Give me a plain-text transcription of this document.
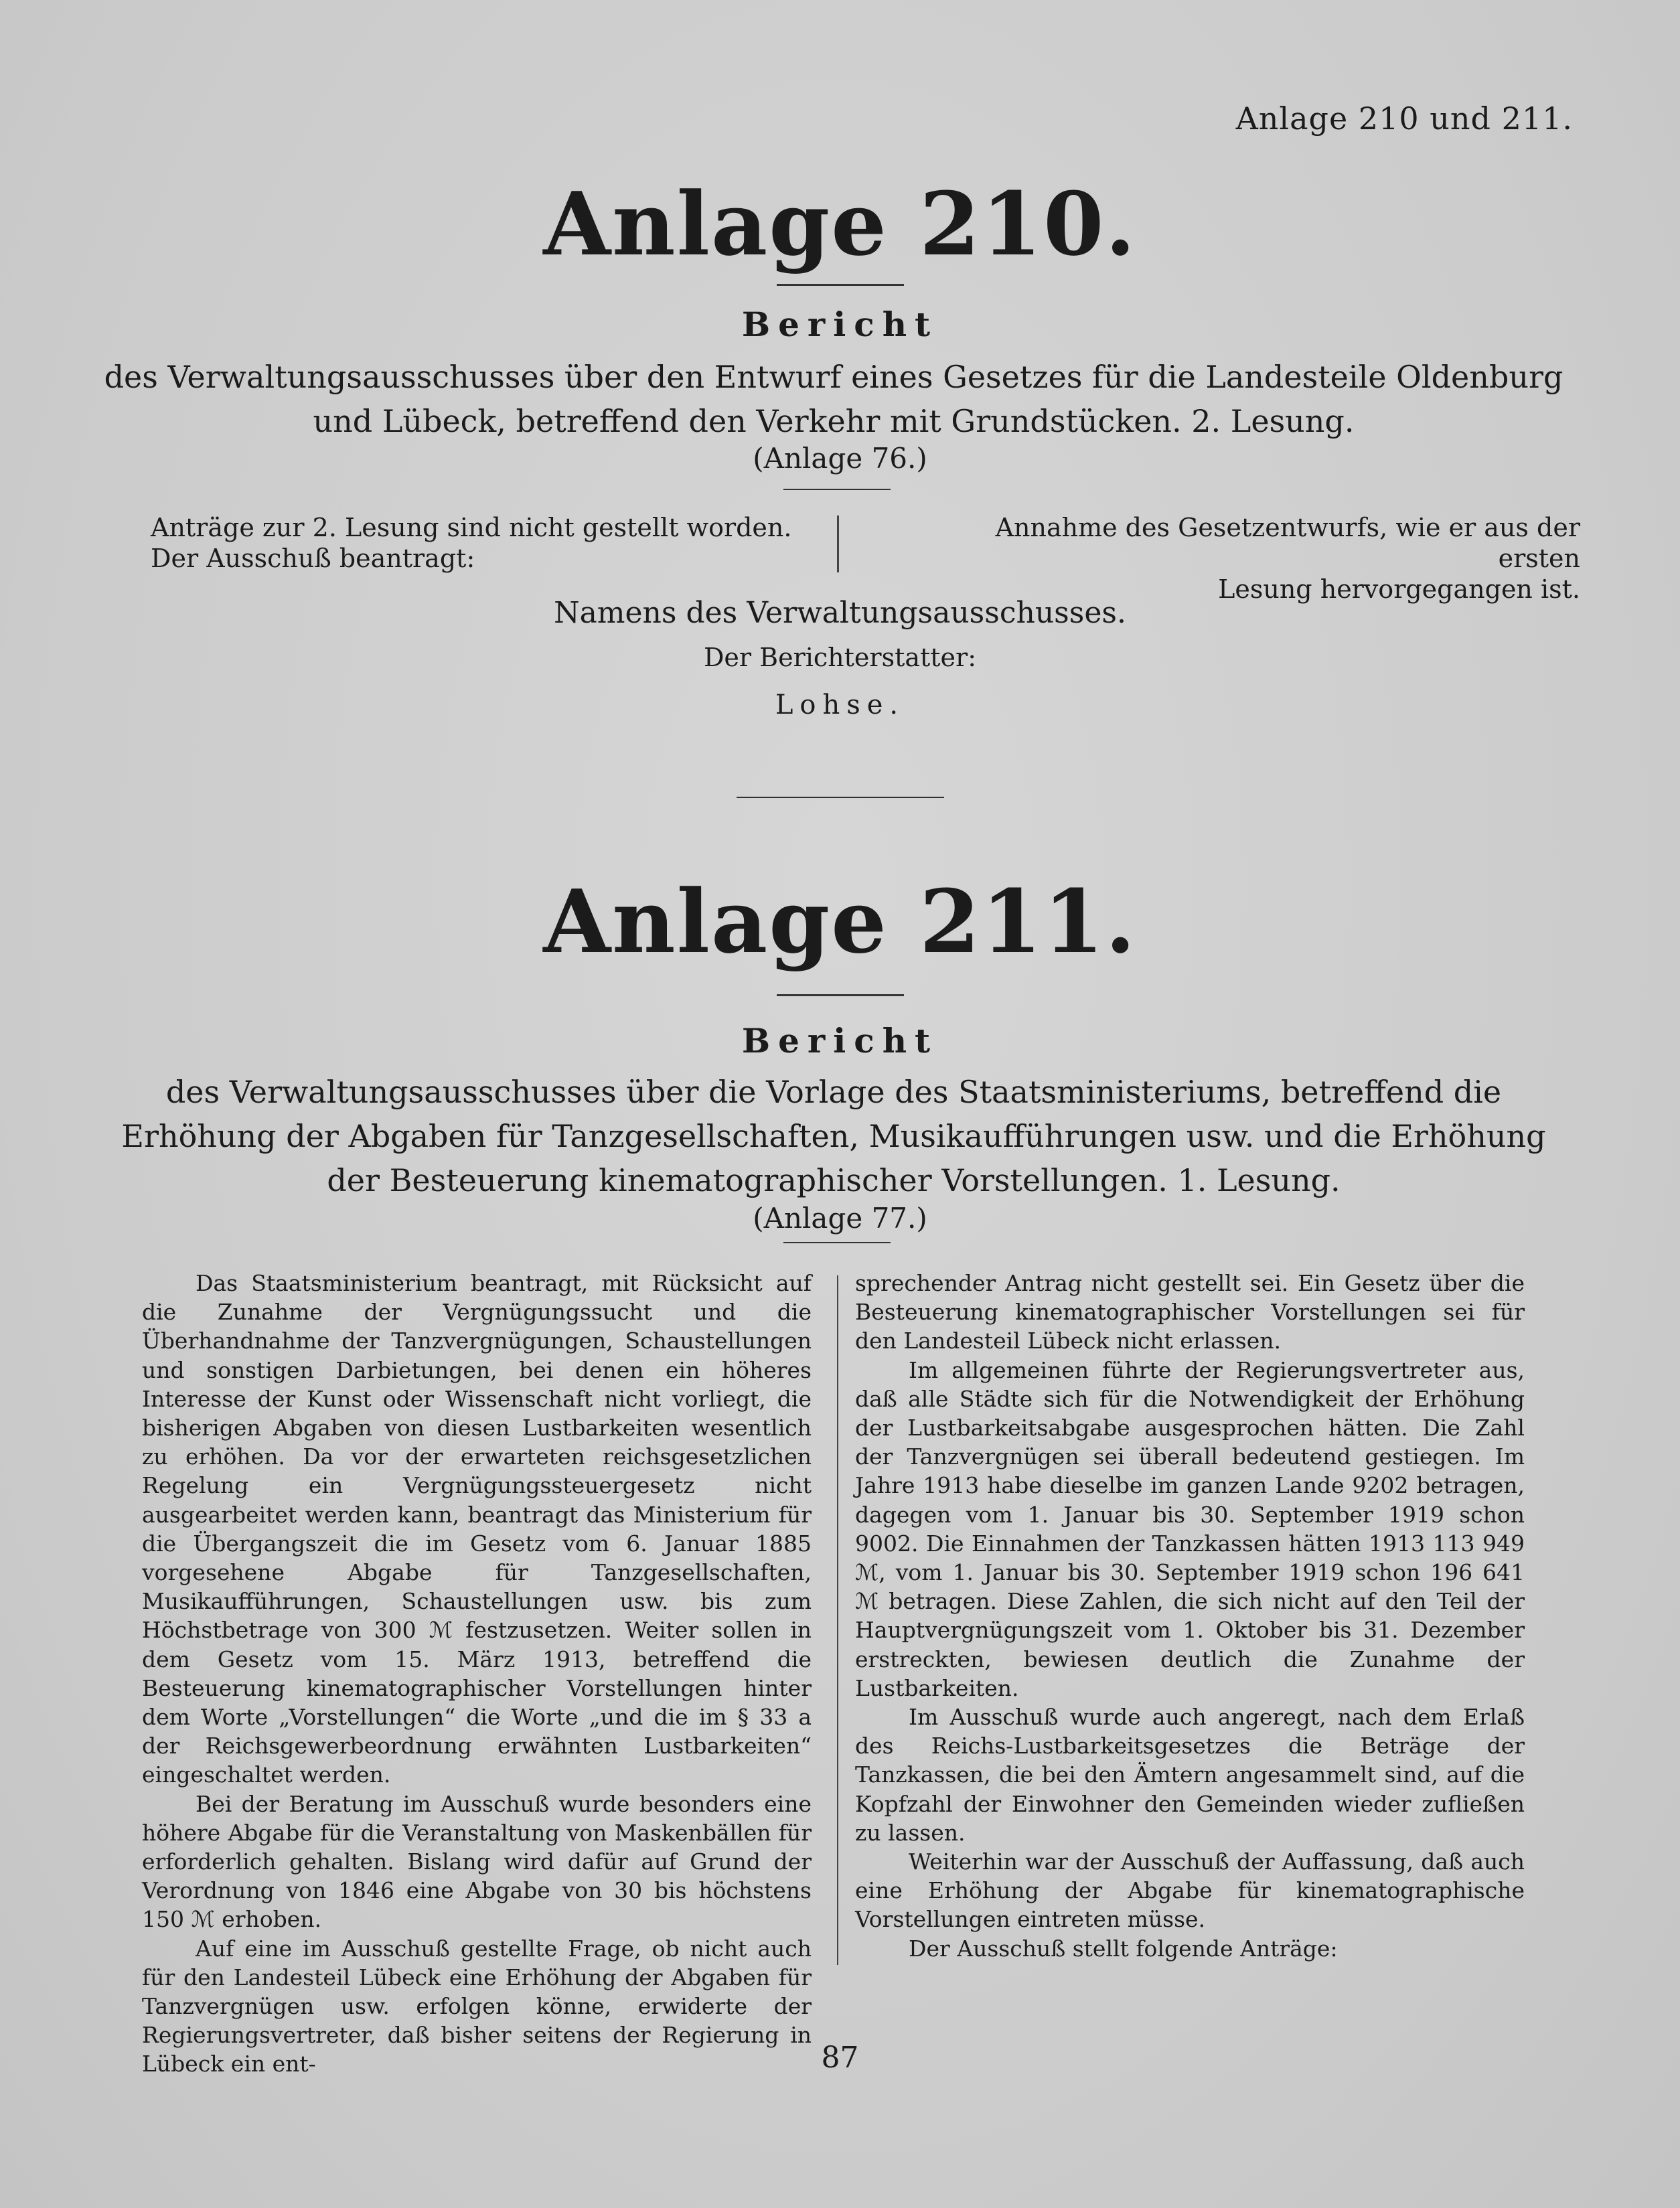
Anlage 210 und 211.
Anlage 210.
Bericht
des Verwaltungsausschusses über den Entwurf eines Gesetzes für die Landesteile Oldenburg und Lübeck, betreffend den Verkehr mit Grundstücken. 2. Lesung.
(Anlage 76.)
Anträge zur 2. Lesung sind nicht gestellt worden.
Der Ausschuß beantragt:
Annahme des Gesetzentwurfs, wie er aus der ersten
Lesung hervorgegangen ist.
Namens des Verwaltungsausschusses.
Der Berichterstatter:
Lohse.
Anlage 211.
Bericht
des Verwaltungsausschusses über die Vorlage des Staatsministeriums, betreffend die Erhöhung der Abgaben für Tanzgesellschaften, Musikaufführungen usw. und die Erhöhung der Besteuerung kinematographischer Vorstellungen. 1. Lesung.
(Anlage 77.)

Das Staatsministerium beantragt, mit Rücksicht auf die Zunahme der Vergnügungssucht und die Überhandnahme der Tanzvergnügungen, Schaustellungen und sonstigen Darbietungen, bei denen ein höheres Interesse der Kunst oder Wissenschaft nicht vorliegt, die bisherigen Abgaben von diesen Lustbarkeiten wesentlich zu erhöhen. Da vor der erwarteten reichsgesetzlichen Regelung ein Vergnügungssteuergesetz nicht ausgearbeitet werden kann, beantragt das Ministerium für die Übergangszeit die im Gesetz vom 6. Januar 1885 vorgesehene Abgabe für Tanzgesellschaften, Musikaufführungen, Schaustellungen usw. bis zum Höchstbetrage von 300 ℳ festzusetzen. Weiter sollen in dem Gesetz vom 15. März 1913, betreffend die Besteuerung kinematographischer Vorstellungen hinter dem Worte „Vorstellungen“ die Worte „und die im § 33 a der Reichsgewerbeordnung erwähnten Lustbarkeiten“ eingeschaltet werden.

Bei der Beratung im Ausschuß wurde besonders eine höhere Abgabe für die Veranstaltung von Maskenbällen für erforderlich gehalten. Bislang wird dafür auf Grund der Verordnung von 1846 eine Abgabe von 30 bis höchstens 150 ℳ erhoben.

Auf eine im Ausschuß gestellte Frage, ob nicht auch für den Landesteil Lübeck eine Erhöhung der Abgaben für Tanzvergnügen usw. erfolgen könne, erwiderte der Regierungsvertreter, daß bisher seitens der Regierung in Lübeck ein ent-

sprechender Antrag nicht gestellt sei. Ein Gesetz über die Besteuerung kinematographischer Vorstellungen sei für den Landesteil Lübeck nicht erlassen.

Im allgemeinen führte der Regierungsvertreter aus, daß alle Städte sich für die Notwendigkeit der Erhöhung der Lustbarkeitsabgabe ausgesprochen hätten. Die Zahl der Tanzvergnügen sei überall bedeutend gestiegen. Im Jahre 1913 habe dieselbe im ganzen Lande 9202 betragen, dagegen vom 1. Januar bis 30. September 1919 schon 9002. Die Einnahmen der Tanzkassen hätten 1913 113 949 ℳ, vom 1. Januar bis 30. September 1919 schon 196 641 ℳ betragen. Diese Zahlen, die sich nicht auf den Teil der Hauptvergnügungszeit vom 1. Oktober bis 31. Dezember erstreckten, bewiesen deutlich die Zunahme der Lustbarkeiten.

Im Ausschuß wurde auch angeregt, nach dem Erlaß des Reichs-Lustbarkeitsgesetzes die Beträge der Tanzkassen, die bei den Ämtern angesammelt sind, auf die Kopfzahl der Einwohner den Gemeinden wieder zufließen zu lassen.

Weiterhin war der Ausschuß der Auffassung, daß auch eine Erhöhung der Abgabe für kinematographische Vorstellungen eintreten müsse.

Der Ausschuß stellt folgende Anträge:

87
